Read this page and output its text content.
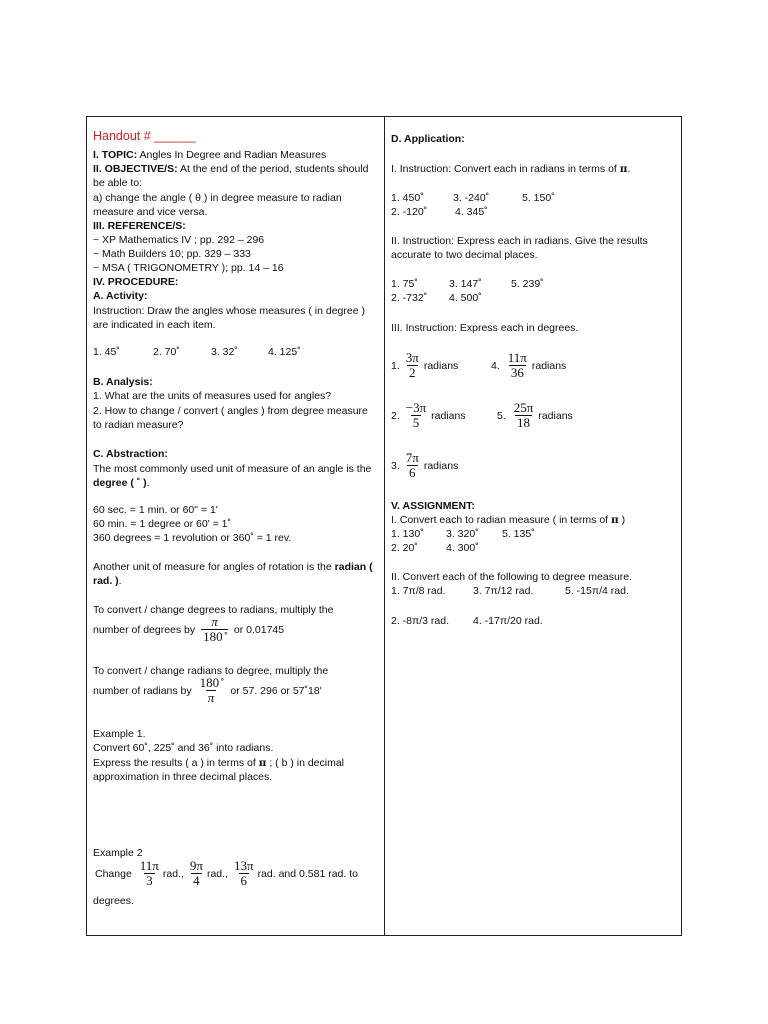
Handout # ______
I. TOPIC: Angles In Degree and Radian Measures
II. OBJECTIVE/S: At the end of the period, students should be able to:
a) change the angle ( θ ) in degree measure to radian measure and vice versa.
III. REFERENCE/S:
~ XP Mathematics IV ; pp. 292 – 296
~ Math Builders 10; pp. 329 – 333
~ MSA ( TRIGONOMETRY ); pp. 14 – 16
IV. PROCEDURE:
A. Activity:
Instruction: Draw the angles whose measures ( in degree ) are indicated in each item.
1. 45˚	2. 70˚	3. 32˚	4. 125˚
B. Analysis:
1. What are the units of measures used for angles?
2. How to change / convert ( angles ) from degree measure to radian measure?
C. Abstraction:
The most commonly used unit of measure of an angle is the degree ( ˚ ).
60 sec. = 1 min. or 60" = 1'
60 min. = 1 degree or 60' = 1˚
360 degrees = 1 revolution or 360˚ = 1 rev.
Another unit of measure for angles of rotation is the radian ( rad. ).
To convert / change degrees to radians, multiply the
number of degrees by $\frac{\pi}{180 ̊}$ or 0.01745
To convert / change radians to degree, multiply the
number of radians by $\frac{180 ̊}{\pi}$ or 57. 296 or 57˚18'
Example 1.
Convert 60˚, 225˚ and 36˚ into radians.
Express the results ( a ) in terms of π ; ( b ) in decimal approximation in three decimal places.
Example 2
Change $\frac{11\pi}{3}$ rad., $\frac{9\pi}{4}$ rad., $\frac{13\pi}{6}$ rad. and 0.581 rad. to
degrees.
D. Application:
I. Instruction: Convert each in radians in terms of π.
1. 450˚	3. -240˚	5. 150˚
2. -120˚	4. 345˚
II. Instruction: Express each in radians. Give the results accurate to two decimal places.
1. 75˚	3. 147˚	5. 239˚
2. -732˚ 4. 500˚
III. Instruction: Express each in degrees.
1. $\frac{3\pi}{2}$ radians	4. $\frac{11\pi}{36}$ radians
2. $\frac{-3\pi}{5}$ radians	5. $\frac{25\pi}{18}$ radians
3. $\frac{7\pi}{6}$ radians
V. ASSIGNMENT:
I. Convert each to radian measure ( in terms of π )
1. 130˚ 3. 320˚ 5. 135˚
2. 20˚	4. 300˚
II. Convert each of the following to degree measure.
1. 7π/8 rad.	3. 7π/12 rad.	5. -15π/4 rad.
2. -8π/3 rad. 4. -17π/20 rad.
